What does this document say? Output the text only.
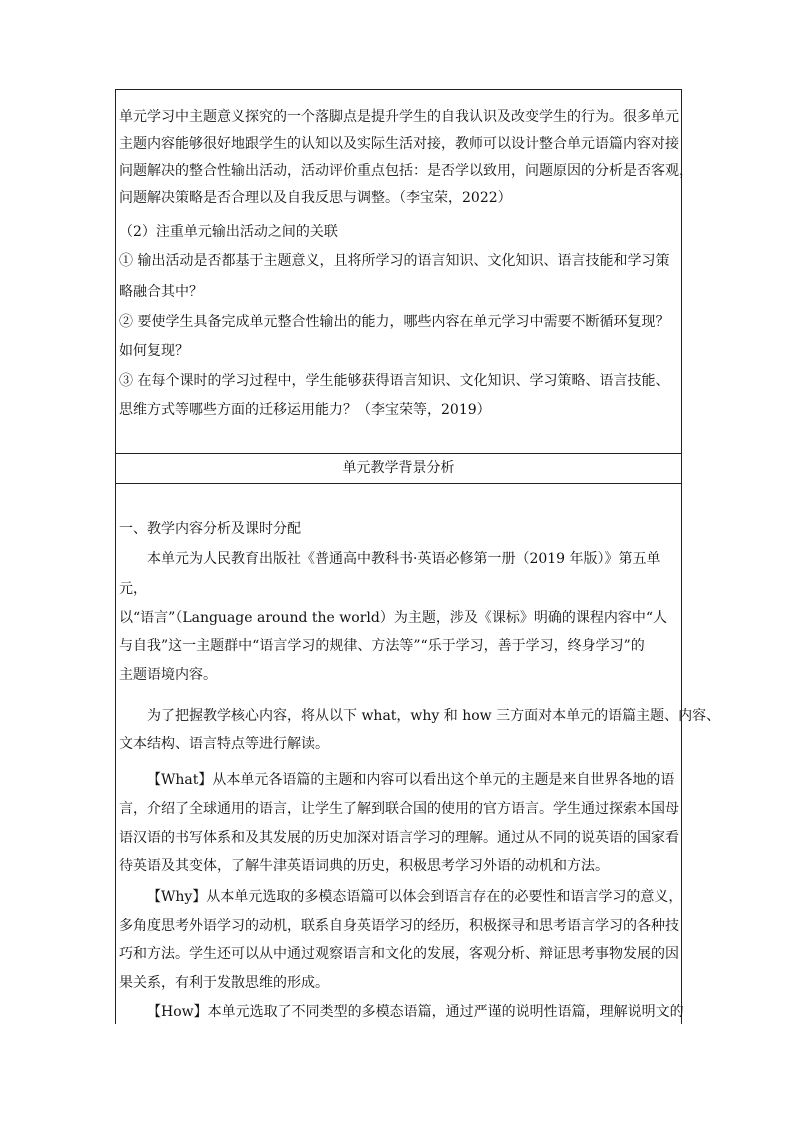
单元学习中主题意义探究的一个落脚点是提升学生的自我认识及改变学生的行为。很多单元
主题内容能够很好地跟学生的认知以及实际生活对接，教师可以设计整合单元语篇内容对接
问题解决的整合性输出活动，活动评价重点包括：是否学以致用，问题原因的分析是否客观，
问题解决策略是否合理以及自我反思与调整。（李宝荣，2022）
（2）注重单元输出活动之间的关联
① 输出活动是否都基于主题意义，且将所学习的语言知识、文化知识、语言技能和学习策
略融合其中？
② 要使学生具备完成单元整合性输出的能力，哪些内容在单元学习中需要不断循环复现？
如何复现？
③ 在每个课时的学习过程中，学生能够获得语言知识、文化知识、学习策略、语言技能、
思维方式等哪些方面的迁移运用能力？（李宝荣等，2019）
单元教学背景分析
一、教学内容分析及课时分配
本单元为人民教育出版社《普通高中教科书·英语必修第一册（2019 年版）》第五单
元，
以“语言”（Language around the world）为主题，涉及《课标》明确的课程内容中“人
与自我”这一主题群中“语言学习的规律、方法等”“乐于学习，善于学习，终身学习”的
主题语境内容。
为了把握教学核心内容，将从以下 what，why 和 how 三方面对本单元的语篇主题、内容、
文本结构、语言特点等进行解读。
【What】从本单元各语篇的主题和内容可以看出这个单元的主题是来自世界各地的语
言，介绍了全球通用的语言，让学生了解到联合国的使用的官方语言。学生通过探索本国母
语汉语的书写体系和及其发展的历史加深对语言学习的理解。通过从不同的说英语的国家看
待英语及其变体，了解牛津英语词典的历史，积极思考学习外语的动机和方法。
【Why】从本单元选取的多模态语篇可以体会到语言存在的必要性和语言学习的意义，
多角度思考外语学习的动机，联系自身英语学习的经历，积极探寻和思考语言学习的各种技
巧和方法。学生还可以从中通过观察语言和文化的发展，客观分析、辩证思考事物发展的因
果关系，有利于发散思维的形成。
【How】本单元选取了不同类型的多模态语篇，通过严谨的说明性语篇，理解说明文的
